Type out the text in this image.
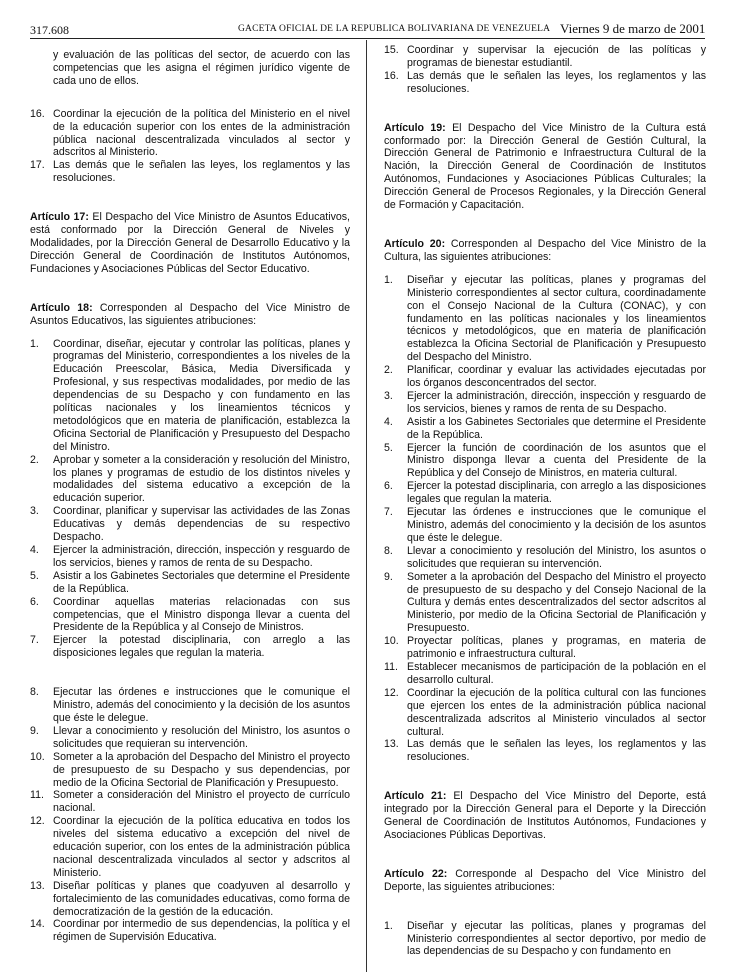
317.608	GACETA OFICIAL DE LA REPUBLICA BOLIVARIANA DE VENEZUELA Viernes 9 de marzo de 2001
y evaluación de las políticas del sector, de acuerdo con las competencias que les asigna el régimen jurídico vigente de cada uno de ellos.
16. Coordinar la ejecución de la política del Ministerio en el nivel de la educación superior con los entes de la administración pública nacional descentralizada vinculados al sector y adscritos al Ministerio.
17. Las demás que le señalen las leyes, los reglamentos y las resoluciones.

Artículo 17: El Despacho del Vice Ministro de Asuntos Educativos, está conformado por la Dirección General de Niveles y Modalidades, por la Dirección General de Desarrollo Educativo y la Dirección General de Coordinación de Institutos Autónomos, Fundaciones y Asociaciones Públicas del Sector Educativo.

Artículo 18: Corresponden al Despacho del Vice Ministro de Asuntos Educativos, las siguientes atribuciones:

1. Coordinar, diseñar, ejecutar y controlar las políticas, planes y programas del Ministerio, correspondientes a los niveles de la Educación Preescolar, Básica, Media Diversificada y Profesional, y sus respectivas modalidades, por medio de las dependencias de su Despacho y con fundamento en las políticas nacionales y los lineamientos técnicos y metodológicos que en materia de planificación, establezca la Oficina Sectorial de Planificación y Presupuesto del Despacho del Ministro.
2. Aprobar y someter a la consideración y resolución del Ministro, los planes y programas de estudio de los distintos niveles y modalidades del sistema educativo a excepción de la educación superior.
3. Coordinar, planificar y supervisar las actividades de las Zonas Educativas y demás dependencias de su respectivo Despacho.
4. Ejercer la administración, dirección, inspección y resguardo de los servicios, bienes y ramos de renta de su Despacho.
5. Asistir a los Gabinetes Sectoriales que determine el Presidente de la República.
6. Coordinar aquellas materias relacionadas con sus competencias, que el Ministro disponga llevar a cuenta del Presidente de la República y al Consejo de Ministros.
7. Ejercer la potestad disciplinaria, con arreglo a las disposiciones legales que regulan la materia.
8. Ejecutar las órdenes e instrucciones que le comunique el Ministro, además del conocimiento y la decisión de los asuntos que éste le delegue.
9. Llevar a conocimiento y resolución del Ministro, los asuntos o solicitudes que requieran su intervención.
10. Someter a la aprobación del Despacho del Ministro el proyecto de presupuesto de su Despacho y sus dependencias, por medio de la Oficina Sectorial de Planificación y Presupuesto.
11. Someter a consideración del Ministro el proyecto de currículo nacional.
12. Coordinar la ejecución de la política educativa en todos los niveles del sistema educativo a excepción del nivel de educación superior, con los entes de la administración pública nacional descentralizada vinculados al sector y adscritos al Ministerio.
13. Diseñar políticas y planes que coadyuven al desarrollo y fortalecimiento de las comunidades educativas, como forma de democratización de la gestión de la educación.
14. Coordinar por intermedio de sus dependencias, la política y el régimen de Supervisión Educativa.
15. Coordinar y supervisar la ejecución de las políticas y programas de bienestar estudiantil.
16. Las demás que le señalen las leyes, los reglamentos y las resoluciones.

Artículo 19: El Despacho del Vice Ministro de la Cultura está conformado por: la Dirección General de Gestión Cultural, la Dirección General de Patrimonio e Infraestructura Cultural de la Nación, la Dirección General de Coordinación de Institutos Autónomos, Fundaciones y Asociaciones Públicas Culturales; la Dirección General de Procesos Regionales, y la Dirección General de Formación y Capacitación.

Artículo 20: Corresponden al Despacho del Vice Ministro de la Cultura, las siguientes atribuciones:

1. Diseñar y ejecutar las políticas, planes y programas del Ministerio correspondientes al sector cultura, coordinadamente con el Consejo Nacional de la Cultura (CONAC), y con fundamento en las políticas nacionales y los lineamientos técnicos y metodológicos, que en materia de planificación establezca la Oficina Sectorial de Planificación y Presupuesto del Despacho del Ministro.
2. Planificar, coordinar y evaluar las actividades ejecutadas por los órganos desconcentrados del sector.
3. Ejercer la administración, dirección, inspección y resguardo de los servicios, bienes y ramos de renta de su Despacho.
4. Asistir a los Gabinetes Sectoriales que determine el Presidente de la República.
5. Ejercer la función de coordinación de los asuntos que el Ministro disponga llevar a cuenta del Presidente de la República y del Consejo de Ministros, en materia cultural.
6. Ejercer la potestad disciplinaria, con arreglo a las disposiciones legales que regulan la materia.
7. Ejecutar las órdenes e instrucciones que le comunique el Ministro, además del conocimiento y la decisión de los asuntos que éste le delegue.
8. Llevar a conocimiento y resolución del Ministro, los asuntos o solicitudes que requieran su intervención.
9. Someter a la aprobación del Despacho del Ministro el proyecto de presupuesto de su despacho y del Consejo Nacional de la Cultura y demás entes descentralizados del sector adscritos al Ministerio, por medio de la Oficina Sectorial de Planificación y Presupuesto.
10. Proyectar políticas, planes y programas, en materia de patrimonio e infraestructura cultural.
11. Establecer mecanismos de participación de la población en el desarrollo cultural.
12. Coordinar la ejecución de la política cultural con las funciones que ejercen los entes de la administración pública nacional descentralizada adscritos al Ministerio vinculados al sector cultural.
13. Las demás que le señalen las leyes, los reglamentos y las resoluciones.

Artículo 21: El Despacho del Vice Ministro del Deporte, está integrado por la Dirección General para el Deporte y la Dirección General de Coordinación de Institutos Autónomos, Fundaciones y Asociaciones Públicas Deportivas.

Artículo 22: Corresponde al Despacho del Vice Ministro del Deporte, las siguientes atribuciones:

1. Diseñar y ejecutar las políticas, planes y programas del Ministerio correspondientes al sector deportivo, por medio de las dependencias de su Despacho y con fundamento en
